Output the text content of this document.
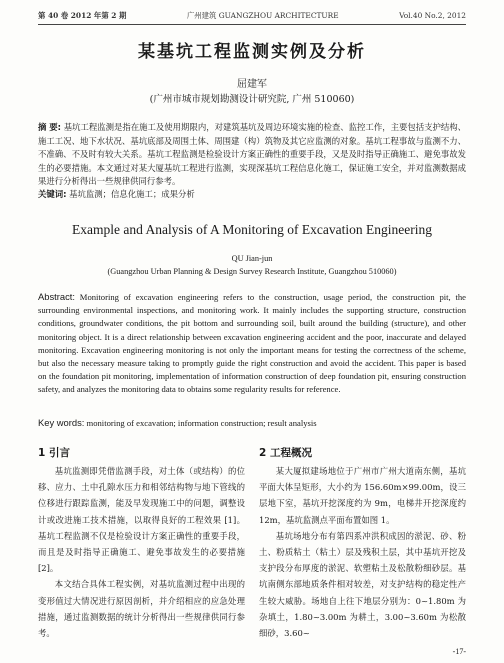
第 40 卷 2012 年第 2 期	广州建筑 GUANGZHOU ARCHITECTURE	Vol.40 No.2, 2012
某基坑工程监测实例及分析
屈建军
(广州市城市规划勘测设计研究院, 广州 510060)
摘 要: 基坑工程监测是指在施工及使用期限内，对建筑基坑及周边环境实施的检查、监控工作，主要包括支护结构、施工工况、地下水状况、基坑底部及周围土体、周围建（构）筑物及其它应监测的对象。基坑工程事故与监测不力、不准确、不及时有较大关系。基坑工程监测是检验设计方案正确性的重要手段，又是及时指导正确施工、避免事故发生的必要措施。本文通过对某大厦基坑工程进行监测，实现深基坑工程信息化施工，保证施工安全，并对监测数据成果进行分析得出一些规律供同行参考。
关键词: 基坑监测；信息化施工；成果分析
Example and Analysis of A Monitoring of Excavation Engineering
QU Jian-jun
(Guangzhou Urban Planning & Design Survey Research Institute, Guangzhou 510060)
Abstract: Monitoring of excavation engineering refers to the construction, usage period, the construction pit, the surrounding environmental inspections, and monitoring work. It mainly includes the supporting structure, construction conditions, groundwater conditions, the pit bottom and surrounding soil, built around the building (structure), and other monitoring object. It is a direct relationship between excavation engineering accident and the poor, inaccurate and delayed monitoring. Excavation engineering monitoring is not only the important means for testing the correctness of the scheme, but also the necessary measure taking to promptly guide the right construction and avoid the accident. This paper is based on the foundation pit monitoring, implementation of information construction of deep foundation pit, ensuring construction safety, and analyzes the monitoring data to obtains some regularity results for reference.
Key words: monitoring of excavation; information construction; result analysis
1 引言

基坑监测即凭借监测手段，对土体（或结构）的位移、应力、土中孔隙水压力和相邻结构物与地下管线的位移进行跟踪监测，能及早发现施工中的问题，调整设计或改进施工技术措施，以取得良好的工程效果 [1]。基坑工程监测不仅是检验设计方案正确性的重要手段，而且是及时指导正确施工、避免事故发生的必要措施 [2]。

本文结合具体工程实例，对基坑监测过程中出现的变形值过大情况进行原因剖析，并介绍相应的应急处理措施，通过监测数据的统计分析得出一些规律供同行参考。

2 工程概况

某大厦拟建场地位于广州市广州大道南东侧，基坑平面大体呈矩形，大小约为 156.60m×99.00m，设三层地下室，基坑开挖深度约为 9m，电梯井开挖深度约 12m，基坑监测点平面布置如图 1。

基坑场地分布有第四系冲洪积成因的淤泥、砂、粉土、粉质粘土（粘土）层及残积土层，其中基坑开挖及支护段分布厚度的淤泥、软塑粘土及松散粉细砂层。基坑南侧东部地质条件相对较差，对支护结构的稳定性产生较大威胁。场地自上往下地层分别为：0~1.80m 为杂填土，1.80~3.00m 为耕土，3.00~3.60m 为松散细砂，3.60~

-17-
